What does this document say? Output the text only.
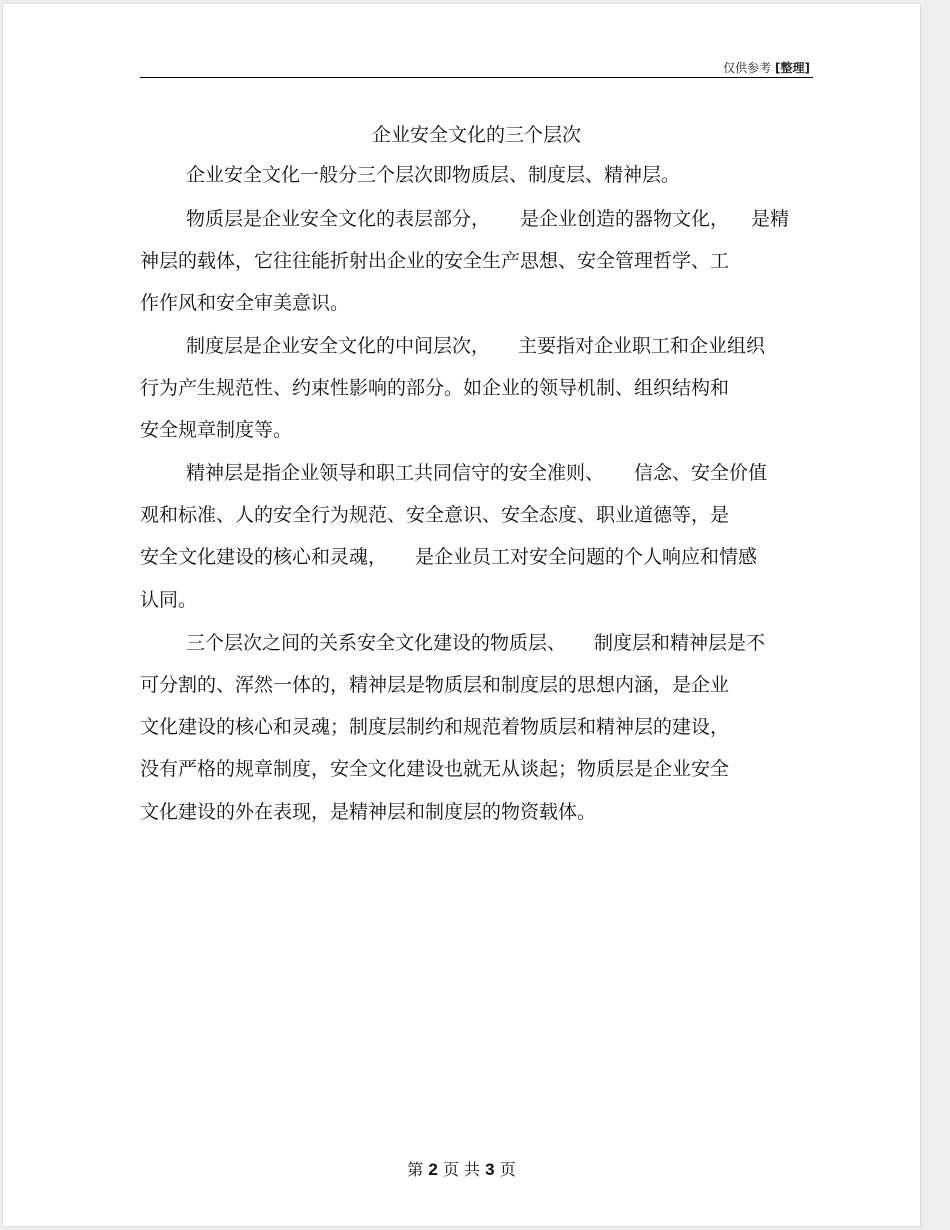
仅供参考 [整理]
企业安全文化的三个层次
企业安全文化一般分三个层次即物质层、制度层、精神层。
物质层是企业安全文化的表层部分， 是企业创造的器物文化， 是精
神层的载体，它往往能折射出企业的安全生产思想、安全管理哲学、工
作作风和安全审美意识。
制度层是企业安全文化的中间层次， 主要指对企业职工和企业组织
行为产生规范性、约束性影响的部分。如企业的领导机制、组织结构和
安全规章制度等。
精神层是指企业领导和职工共同信守的安全准则、 信念、安全价值
观和标准、人的安全行为规范、安全意识、安全态度、职业道德等，是
安全文化建设的核心和灵魂， 是企业员工对安全问题的个人响应和情感
认同。
三个层次之间的关系安全文化建设的物质层、 制度层和精神层是不
可分割的、浑然一体的，精神层是物质层和制度层的思想内涵，是企业
文化建设的核心和灵魂；制度层制约和规范着物质层和精神层的建设，
没有严格的规章制度，安全文化建设也就无从谈起；物质层是企业安全
文化建设的外在表现，是精神层和制度层的物资载体。
第 2 页 共 3 页
